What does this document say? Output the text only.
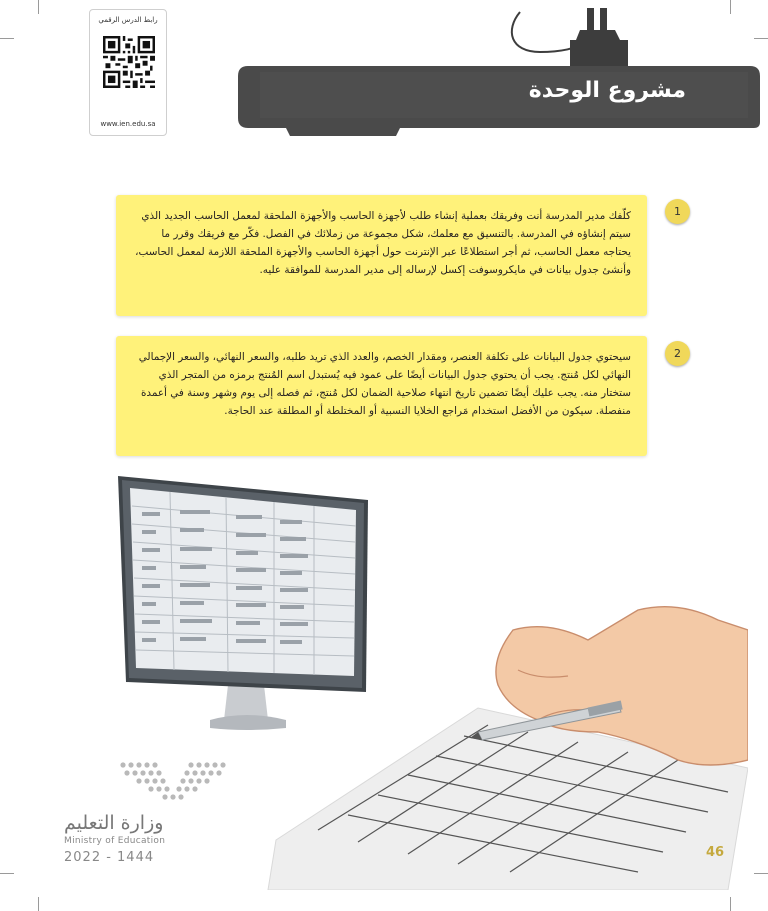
رابط الدرس الرقمي
www.ien.edu.sa
مشروع الوحدة
كلّفك مدير المدرسة أنت وفريقك بعملية إنشاء طلب لأجهزة الحاسب والأجهزة الملحقة لمعمل الحاسب الجديد الذي سيتم إنشاؤه في المدرسة. بالتنسيق مع معلمك، شكل مجموعة من زملائك في الفصل. فكّر مع فريقك وقرر ما يحتاجه معمل الحاسب، ثم أجر استطلاعًا عبر الإنترنت حول أجهزة الحاسب والأجهزة الملحقة اللازمة لمعمل الحاسب، وأنشئ جدول بيانات في مايكروسوفت إكسل لإرساله إلى مدير المدرسة للموافقة عليه.
1
سيحتوي جدول البيانات على تكلفة العنصر، ومقدار الخصم، والعدد الذي تريد طلبه، والسعر النهائي، والسعر الإجمالي النهائي لكل مُنتج. يجب أن يحتوي جدول البيانات أيضًا على عمود فيه يُستبدل اسم المُنتج برمزه من المتجر الذي ستختار منه. يجب عليك أيضًا تضمين تاريخ انتهاء صلاحية الضمان لكل مُنتج، ثم فصله إلى يوم وشهر وسنة في أعمدة منفصلة. سيكون من الأفضل استخدام مَراجع الخلايا النسبية أو المختلطة أو المطلقة عند الحاجة.
2
وزارة التعليم
Ministry of Education
2022 - 1444	46
